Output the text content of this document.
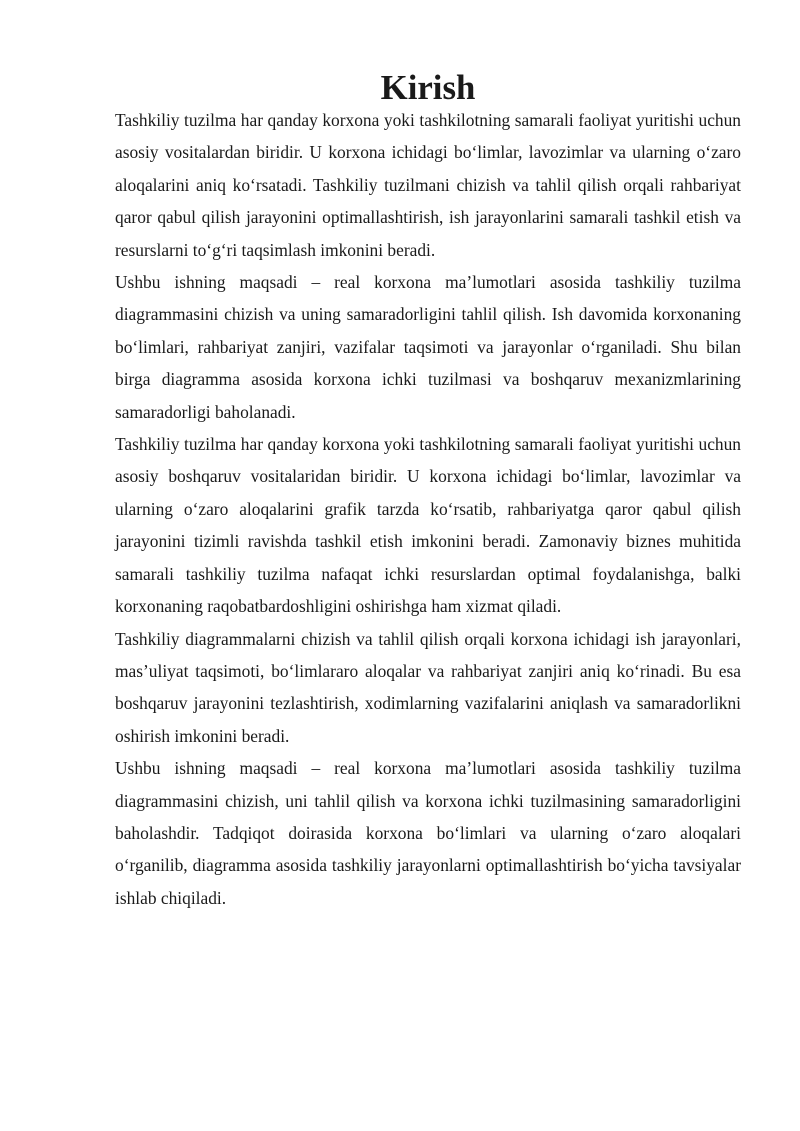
Kirish

Tashkiliy tuzilma har qanday korxona yoki tashkilotning samarali faoliyat yuritishi uchun asosiy vositalardan biridir. U korxona ichidagi bo‘limlar, lavozimlar va ularning o‘zaro aloqalarini aniq ko‘rsatadi. Tashkiliy tuzilmani chizish va tahlil qilish orqali rahbariyat qaror qabul qilish jarayonini optimallashtirish, ish jarayonlarini samarali tashkil etish va resurslarni to‘g‘ri taqsimlash imkonini beradi.

Ushbu ishning maqsadi – real korxona ma’lumotlari asosida tashkiliy tuzilma diagrammasini chizish va uning samaradorligini tahlil qilish. Ish davomida korxonaning bo‘limlari, rahbariyat zanjiri, vazifalar taqsimoti va jarayonlar o‘rganiladi. Shu bilan birga diagramma asosida korxona ichki tuzilmasi va boshqaruv mexanizmlarining samaradorligi baholanadi.

Tashkiliy tuzilma har qanday korxona yoki tashkilotning samarali faoliyat yuritishi uchun asosiy boshqaruv vositalaridan biridir. U korxona ichidagi bo‘limlar, lavozimlar va ularning o‘zaro aloqalarini grafik tarzda ko‘rsatib, rahbariyatga qaror qabul qilish jarayonini tizimli ravishda tashkil etish imkonini beradi. Zamonaviy biznes muhitida samarali tashkiliy tuzilma nafaqat ichki resurslardan optimal foydalanishga, balki korxonaning raqobatbardoshligini oshirishga ham xizmat qiladi.

Tashkiliy diagrammalarni chizish va tahlil qilish orqali korxona ichidagi ish jarayonlari, mas’uliyat taqsimoti, bo‘limlararo aloqalar va rahbariyat zanjiri aniq ko‘rinadi. Bu esa boshqaruv jarayonini tezlashtirish, xodimlarning vazifalarini aniqlash va samaradorlikni oshirish imkonini beradi.

Ushbu ishning maqsadi – real korxona ma’lumotlari asosida tashkiliy tuzilma diagrammasini chizish, uni tahlil qilish va korxona ichki tuzilmasining samaradorligini baholashdir. Tadqiqot doirasida korxona bo‘limlari va ularning o‘zaro aloqalari o‘rganilib, diagramma asosida tashkiliy jarayonlarni optimallashtirish bo‘yicha tavsiyalar ishlab chiqiladi.
